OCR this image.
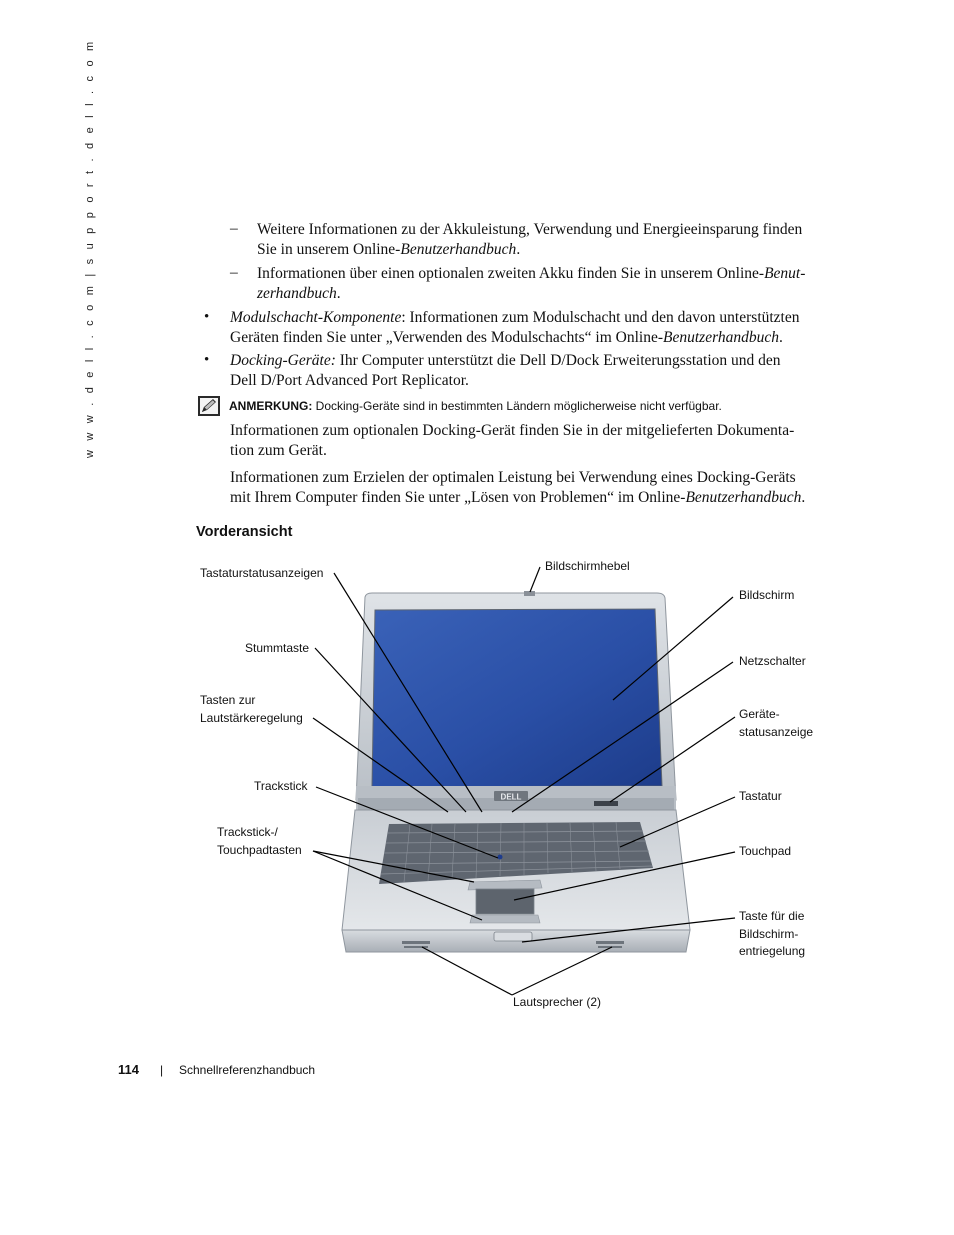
w w w . d e l l . c o m | s u p p o r t . d e l l . c o m	– Weitere Informationen zu der Akkuleistung, Verwendung und Energieeinsparung finden
Sie in unserem Online-Benutzerhandbuch.

– Informationen über einen optionalen zweiten Akku finden Sie in unserem Online-Benut-
zerhandbuch.

• Modulschacht-Komponente: Informationen zum Modulschacht und den davon unterstützten
Geräten finden Sie unter „Verwenden des Modulschachts“ im Online-Benutzerhandbuch.

• Docking-Geräte: Ihr Computer unterstützt die Dell D/Dock Erweiterungsstation und den
Dell D/Port Advanced Port Replicator.

ANMERKUNG: Docking-Geräte sind in bestimmten Ländern möglicherweise nicht verfügbar.

Informationen zum optionalen Docking-Gerät finden Sie in der mitgelieferten Dokumenta-
tion zum Gerät.

Informationen zum Erzielen der optimalen Leistung bei Verwendung eines Docking-Geräts
mit Ihrem Computer finden Sie unter „Lösen von Problemen“ im Online-Benutzerhandbuch.

Vorderansicht
DELL
Tastaturstatusanzeigen
Stummtaste
Tasten zur
Lautstärkeregelung
Trackstick
Trackstick-/
Touchpadtasten
Bildschirmhebel
Bildschirm
Netzschalter
Geräte-
statusanzeige
Tastatur
Touchpad
Taste für die
Bildschirm-
entriegelung
Lautsprecher (2)
114 | Schnellreferenzhandbuch
